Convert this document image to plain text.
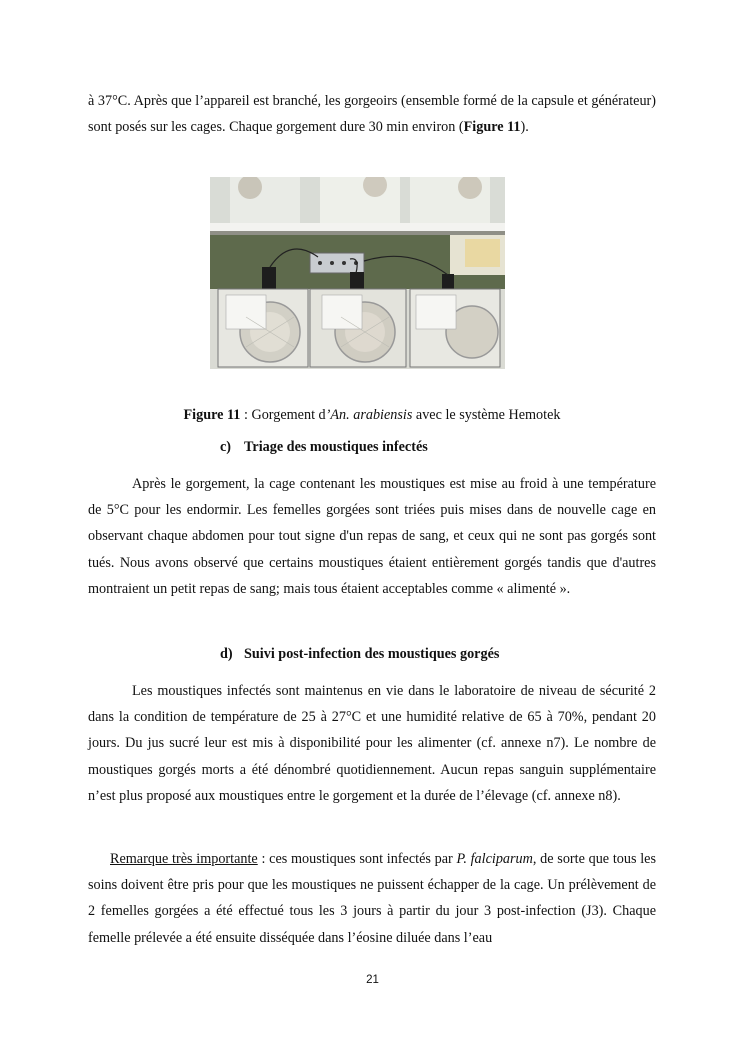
à 37°C. Après que l’appareil est branché, les gorgeoirs (ensemble formé de la capsule et générateur) sont posés sur les cages. Chaque gorgement dure 30 min environ (Figure 11).

Figure 11 : Gorgement d’An. arabiensis avec le système Hemotek

c) Triage des moustiques infectés

Après le gorgement, la cage contenant les moustiques est mise au froid à une température de 5°C pour les endormir. Les femelles gorgées sont triées puis mises dans de nouvelle cage en observant chaque abdomen pour tout signe d'un repas de sang, et ceux qui ne sont pas gorgés sont tués. Nous avons observé que certains moustiques étaient entièrement gorgés tandis que d'autres montraient un petit repas de sang; mais tous étaient acceptables comme « alimenté ».

d) Suivi post-infection des moustiques gorgés

Les moustiques infectés sont maintenus en vie dans le laboratoire de niveau de sécurité 2 dans la condition de température de 25 à 27°C et une humidité relative de 65 à 70%, pendant 20 jours. Du jus sucré leur est mis à disponibilité pour les alimenter (cf. annexe n7). Le nombre de moustiques gorgés morts a été dénombré quotidiennement. Aucun repas sanguin supplémentaire n’est plus proposé aux moustiques entre le gorgement et la durée de l’élevage (cf. annexe n8).

Remarque très importante : ces moustiques sont infectés par P. falciparum, de sorte que tous les soins doivent être pris pour que les moustiques ne puissent échapper de la cage. Un prélèvement de 2 femelles gorgées a été effectué tous les 3 jours à partir du jour 3 post-infection (J3). Chaque femelle prélevée a été ensuite disséquée dans l’éosine diluée dans l’eau

21
